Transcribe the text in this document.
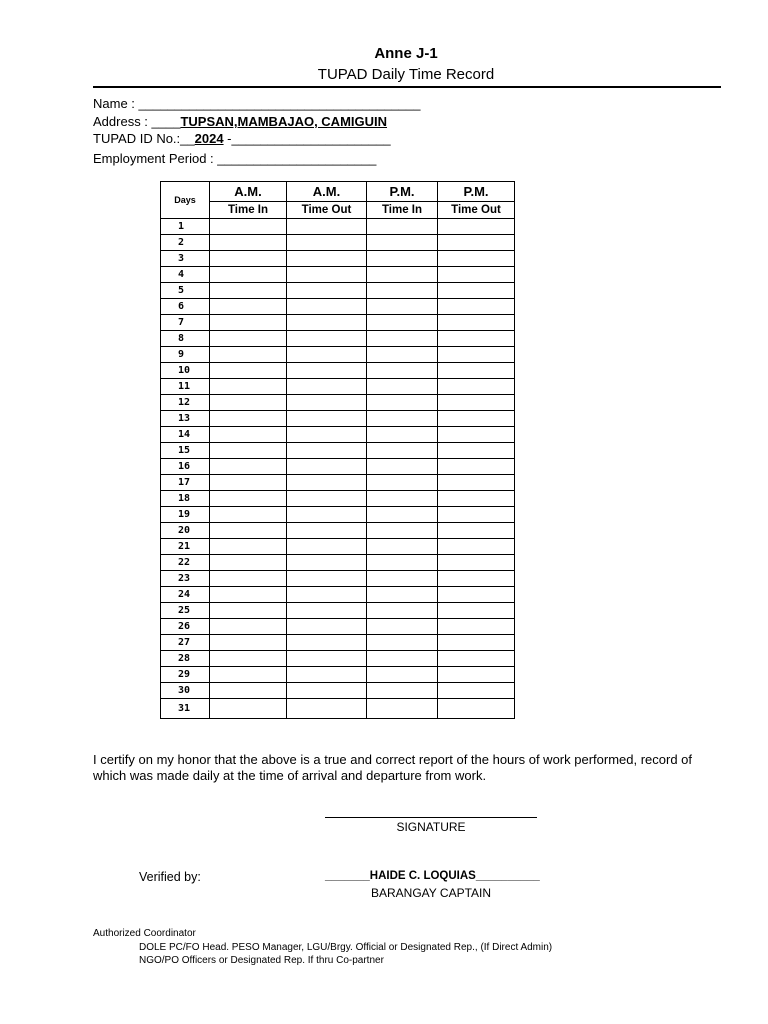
Anne J-1
TUPAD Daily Time Record
Name : _______________________________________
Address : ____TUPSAN,MAMBAJAO, CAMIGUIN
TUPAD ID No.:__2024 -______________________
Employment Period : ______________________
Days	A.M.	A.M.	P.M.	P.M.
	Time In	Time Out	Time In	Time Out
1				
2				
3				
4				
5				
6				
7				
8				
9				
10				
11				
12				
13				
14				
15				
16				
17				
18				
19				
20				
21				
22				
23				
24				
25				
26				
27				
28				
29				
30				
31				
I certify on my honor that the above is a true and correct report of the hours of work performed, record of which was made daily at the time of arrival and departure from work.
SIGNATURE
Verified by:	_______HAIDE C. LOQUIAS__________
BARANGAY CAPTAIN
Authorized Coordinator
DOLE PC/FO Head. PESO Manager, LGU/Brgy. Official or Designated Rep., (If Direct Admin)
NGO/PO Officers or Designated Rep. If thru Co-partner
